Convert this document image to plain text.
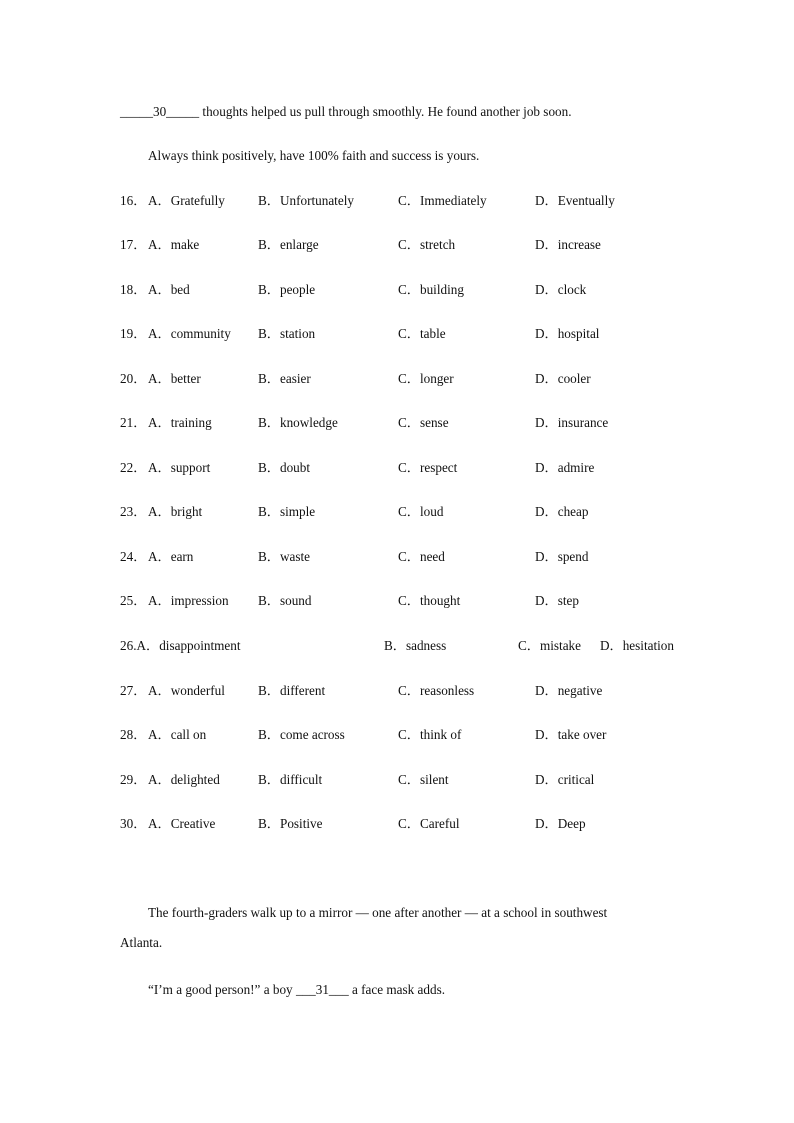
_____30_____ thoughts helped us pull through smoothly. He found another job soon.
Always think positively, have 100% faith and success is yours.
16． A．Gratefully	B．Unfortunately	C．Immediately	D．Eventually
17． A．make	B．enlarge	C．stretch	D．increase
18． A．bed	B．people	C．building	D．clock
19． A．community B．station	C．table	D．hospital
20． A．better	B．easier	C．longer	D．cooler
21． A．training	B．knowledge	C．sense	D．insurance
22． A．support	B．doubt	C．respect	D．admire
23． A．bright	B．simple	C．loud	D．cheap
24． A．earn	B．waste	C．need	D．spend
25． A．impression B．sound	C．thought	D．step
26.A．disappointment	B．sadness	C．mistake D．hesitation
27． A．wonderful	B．different	C．reasonless	D．negative
28． A．call on	B．come across	C．think of	D．take over
29． A．delighted	B．difficult	C．silent	D．critical
30． A．Creative	B．Positive	C．Careful	D．Deep
The fourth-graders walk up to a mirror — one after another — at a school in southwest
Atlanta.
“I’m a good person!” a boy ___31___ a face mask adds.
